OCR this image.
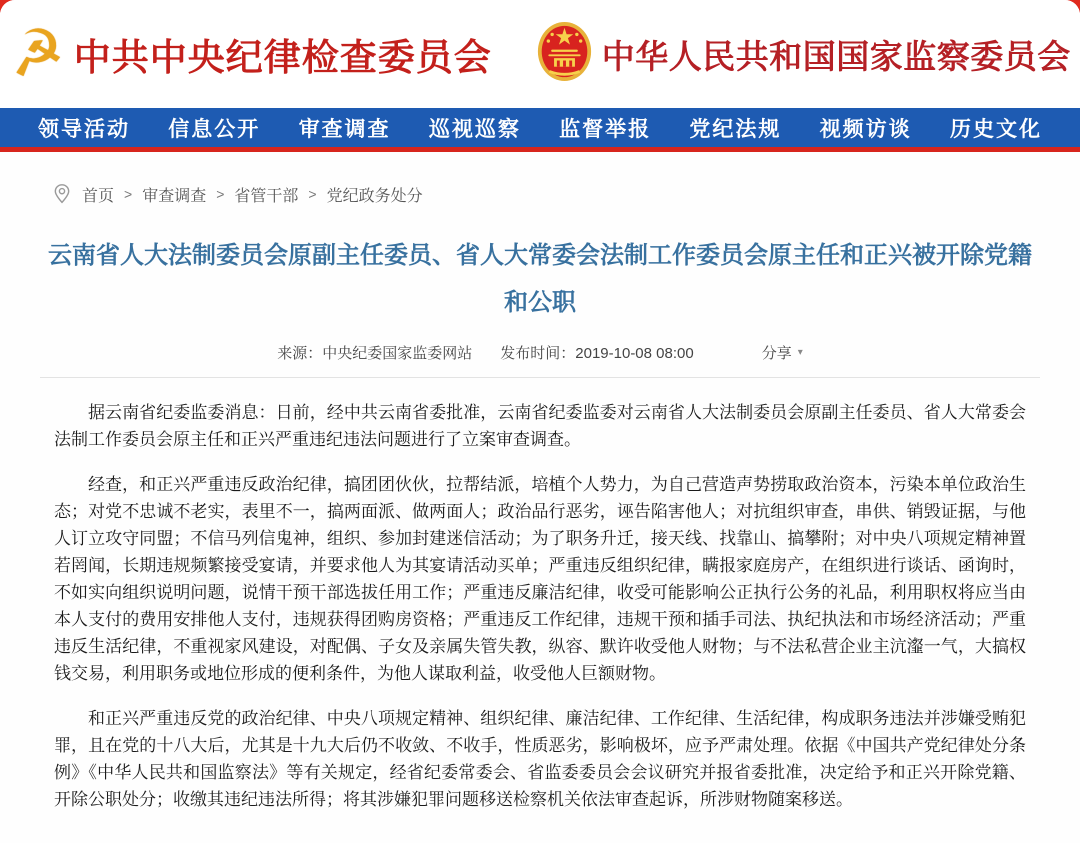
☭ 中共中央纪律检查委员会	中华人民共和国国家监察委员会
领导活动 信息公开 审查调查 巡视巡察 监督举报 党纪法规 视频访谈 历史文化
首页 > 审查调查 > 省管干部 > 党纪政务处分
云南省人大法制委员会原副主任委员、省人大常委会法制工作委员会原主任和正兴被开除党籍和公职
来源：中央纪委国家监委网站 发布时间：2019-10-08 08:00	分享 ▾

据云南省纪委监委消息：日前，经中共云南省委批准，云南省纪委监委对云南省人大法制委员会原副主任委员、省人大常委会法制工作委员会原主任和正兴严重违纪违法问题进行了立案审查调查。

经查，和正兴严重违反政治纪律，搞团团伙伙，拉帮结派，培植个人势力，为自己营造声势捞取政治资本，污染本单位政治生态；对党不忠诚不老实，表里不一，搞两面派、做两面人；政治品行恶劣，诬告陷害他人；对抗组织审查，串供、销毁证据，与他人订立攻守同盟；不信马列信鬼神，组织、参加封建迷信活动；为了职务升迁，接天线、找靠山、搞攀附；对中央八项规定精神置若罔闻，长期违规频繁接受宴请，并要求他人为其宴请活动买单；严重违反组织纪律，瞒报家庭房产，在组织进行谈话、函询时，不如实向组织说明问题，说情干预干部选拔任用工作；严重违反廉洁纪律，收受可能影响公正执行公务的礼品，利用职权将应当由本人支付的费用安排他人支付，违规获得团购房资格；严重违反工作纪律，违规干预和插手司法、执纪执法和市场经济活动；严重违反生活纪律，不重视家风建设，对配偶、子女及亲属失管失教，纵容、默许收受他人财物；与不法私营企业主沆瀣一气，大搞权钱交易，利用职务或地位形成的便利条件，为他人谋取利益，收受他人巨额财物。

和正兴严重违反党的政治纪律、中央八项规定精神、组织纪律、廉洁纪律、工作纪律、生活纪律，构成职务违法并涉嫌受贿犯罪，且在党的十八大后，尤其是十九大后仍不收敛、不收手，性质恶劣，影响极坏，应予严肃处理。依据《中国共产党纪律处分条例》《中华人民共和国监察法》等有关规定，经省纪委常委会、省监委委员会会议研究并报省委批准，决定给予和正兴开除党籍、开除公职处分；收缴其违纪违法所得；将其涉嫌犯罪问题移送检察机关依法审查起诉，所涉财物随案移送。
